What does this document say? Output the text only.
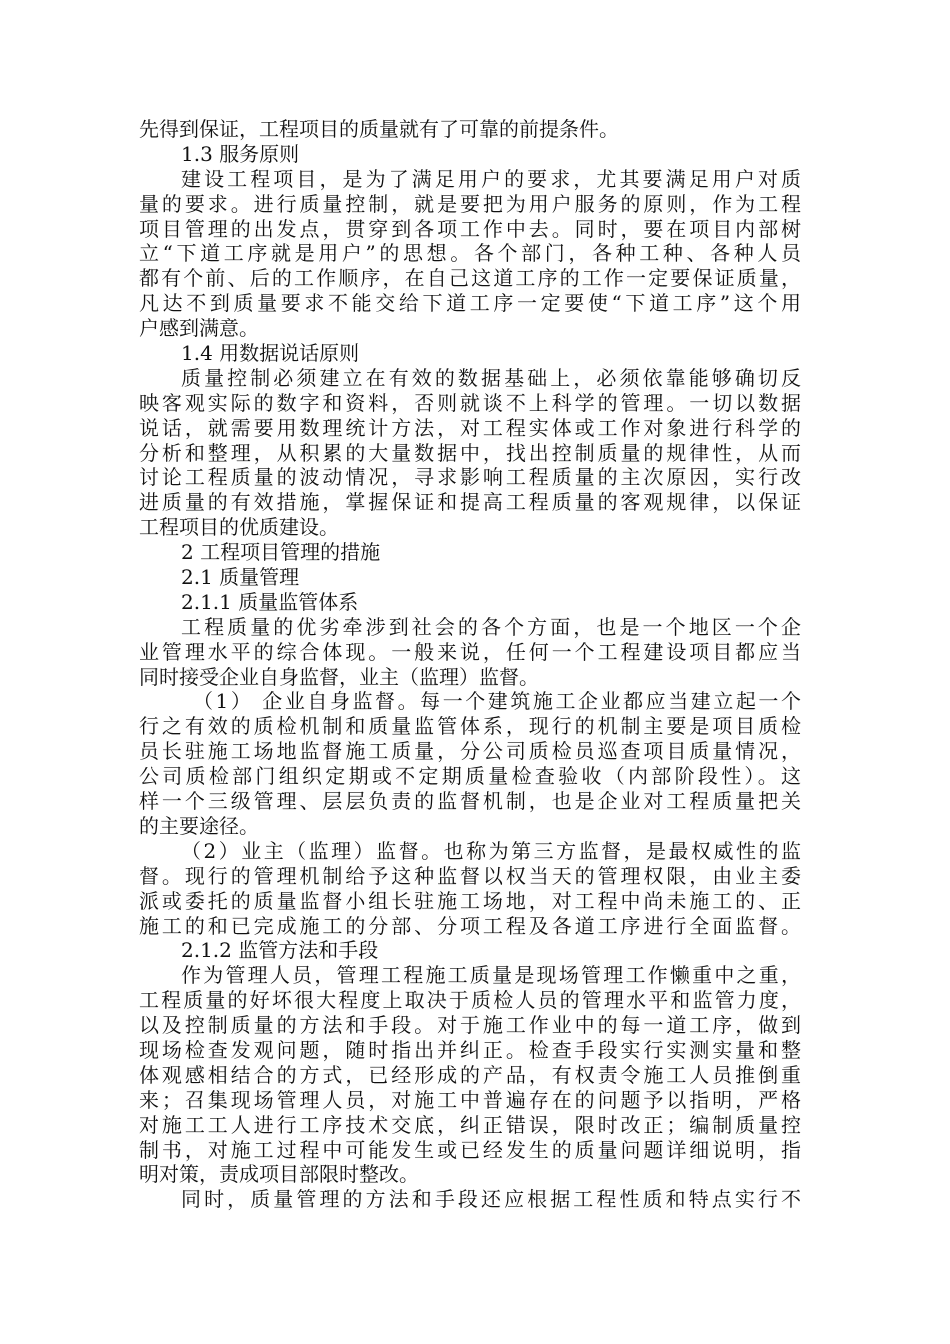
先得到保证，工程项目的质量就有了可靠的前提条件。
1.3 服务原则
建设工程项目，是为了满足用户的要求，尤其要满足用户对质
量的要求。进行质量控制，就是要把为用户服务的原则，作为工程
项目管理的出发点，贯穿到各项工作中去。同时，要在项目内部树
立“下道工序就是用户”的思想。各个部门，各种工种、各种人员
都有个前、后的工作顺序，在自己这道工序的工作一定要保证质量，
凡达不到质量要求不能交给下道工序一定要使“下道工序”这个用
户感到满意。
1.4 用数据说话原则
质量控制必须建立在有效的数据基础上，必须依靠能够确切反
映客观实际的数字和资料，否则就谈不上科学的管理。一切以数据
说话，就需要用数理统计方法，对工程实体或工作对象进行科学的
分析和整理，从积累的大量数据中，找出控制质量的规律性，从而
讨论工程质量的波动情况，寻求影响工程质量的主次原因，实行改
进质量的有效措施，掌握保证和提高工程质量的客观规律，以保证
工程项目的优质建设。
2 工程项目管理的措施
2.1 质量管理
2.1.1 质量监管体系
工程质量的优劣牵涉到社会的各个方面，也是一个地区一个企
业管理水平的综合体现。一般来说，任何一个工程建设项目都应当
同时接受企业自身监督，业主（监理）监督。
（1） 企业自身监督。每一个建筑施工企业都应当建立起一个
行之有效的质检机制和质量监管体系，现行的机制主要是项目质检
员长驻施工场地监督施工质量，分公司质检员巡查项目质量情况，
公司质检部门组织定期或不定期质量检查验收（内部阶段性）。这
样一个三级管理、层层负责的监督机制，也是企业对工程质量把关
的主要途径。
（2）业主（监理）监督。也称为第三方监督，是最权威性的监
督。现行的管理机制给予这种监督以权当天的管理权限，由业主委
派或委托的质量监督小组长驻施工场地，对工程中尚未施工的、正
施工的和已完成施工的分部、分项工程及各道工序进行全面监督。
2.1.2 监管方法和手段
作为管理人员，管理工程施工质量是现场管理工作懒重中之重，
工程质量的好坏很大程度上取决于质检人员的管理水平和监管力度，
以及控制质量的方法和手段。对于施工作业中的每一道工序，做到
现场检查发观问题，随时指出并纠正。检查手段实行实测实量和整
体观感相结合的方式，已经形成的产品，有权责令施工人员推倒重
来；召集现场管理人员，对施工中普遍存在的问题予以指明，严格
对施工工人进行工序技术交底，纠正错误，限时改正；编制质量控
制书，对施工过程中可能发生或已经发生的质量问题详细说明，指
明对策，责成项目部限时整改。
同时，质量管理的方法和手段还应根据工程性质和特点实行不
